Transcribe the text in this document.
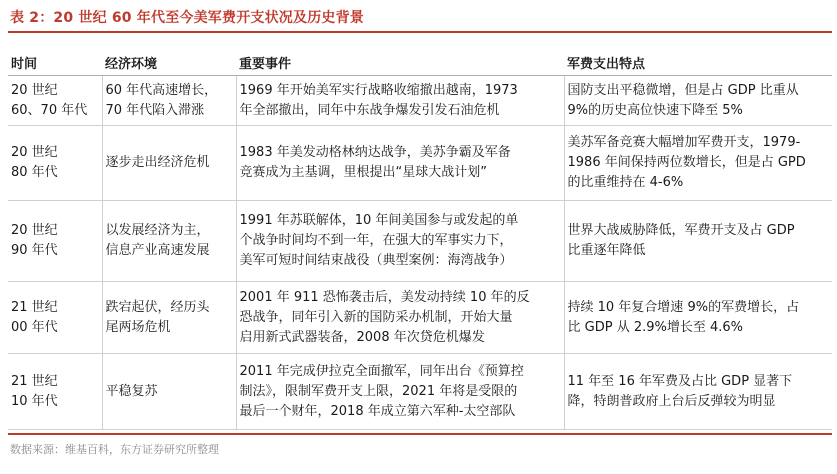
表 2：20 世纪 60 年代至今美军费开支状况及历史背景
时间	经济环境	重要事件	军费支出特点

20 世纪
60、70 年代	60 年代高速增长，
70 年代陷入滞涨	1969 年开始美军实行战略收缩撤出越南，1973
年全部撤出，同年中东战争爆发引发石油危机	国防支出平稳微增，但是占 GDP 比重从
9%的历史高位快速下降至 5%

20 世纪
80 年代	逐步走出经济危机	1983 年美发动格林纳达战争，美苏争霸及军备
竞赛成为主基调，里根提出“星球大战计划”	美苏军备竞赛大幅增加军费开支，1979-
1986 年间保持两位数增长，但是占 GPD
的比重维持在 4-6%

20 世纪
90 年代	以发展经济为主，
信息产业高速发展	1991 年苏联解体，10 年间美国参与或发起的单
个战争时间均不到一年，在强大的军事实力下，
美军可短时间结束战役（典型案例：海湾战争）	世界大战威胁降低，军费开支及占 GDP
比重逐年降低

21 世纪
00 年代	跌宕起伏，经历头
尾两场危机	2001 年 911 恐怖袭击后，美发动持续 10 年的反
恐战争，同年引入新的国防采办机制，开始大量
启用新式武器装备，2008 年次贷危机爆发	持续 10 年复合增速 9%的军费增长，占
比 GDP 从 2.9%增长至 4.6%

21 世纪
10 年代	平稳复苏	2011 年完成伊拉克全面撤军，同年出台《预算控
制法》，限制军费开支上限，2021 年将是受限的
最后一个财年，2018 年成立第六军种-太空部队	11 年至 16 年军费及占比 GDP 显著下
降，特朗普政府上台后反弹较为明显
数据来源：维基百科，东方证券研究所整理
